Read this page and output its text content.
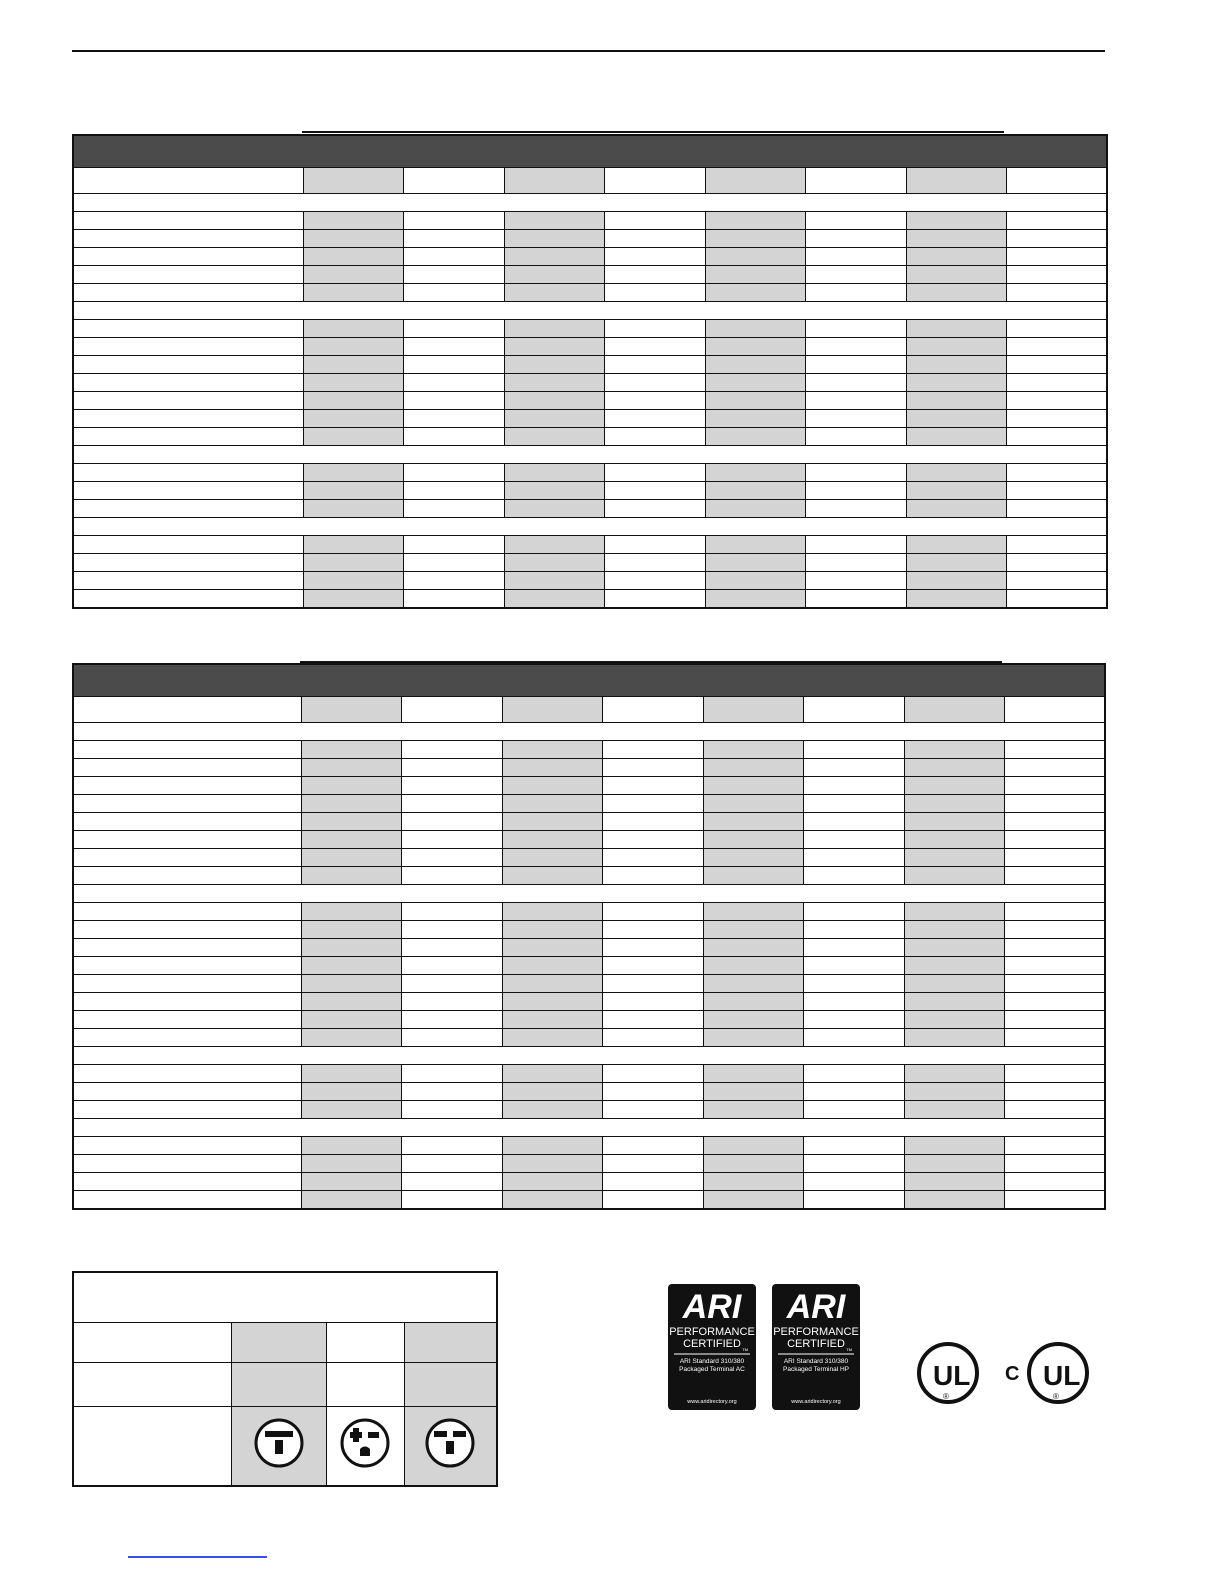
ARI
PERFORMANCE
CERTIFIED TM
ARI Standard 310/380
Packaged Terminal AC
www.aridirectory.org
ARI
PERFORMANCE
CERTIFIED TM
ARI Standard 310/380
Packaged Terminal HP
www.aridirectory.org
UL
®
C UL
®
